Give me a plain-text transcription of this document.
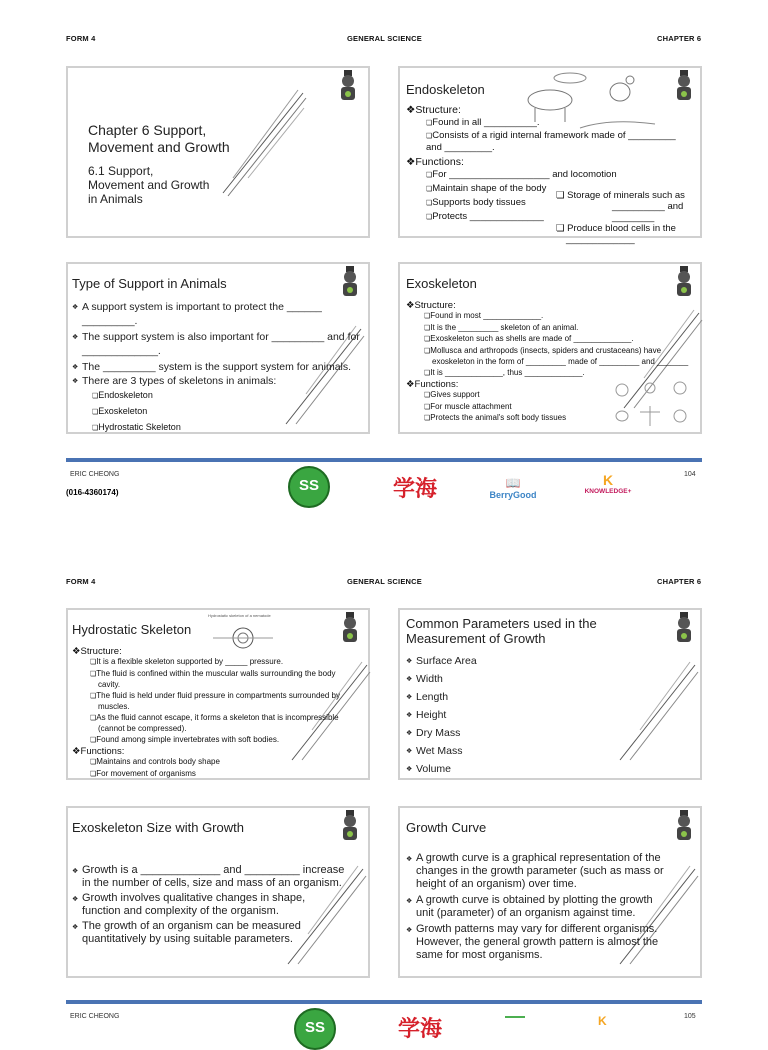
FORM 4	GENERAL SCIENCE	CHAPTER 6
Chapter 6 Support,
Movement and Growth
6.1 Support,
Movement and Growth
in Animals
Endoskeleton
❖Structure:
❏ Found in all __________.
❏ Consists of a rigid internal framework made of _________
and _________.
❖Functions:
❏ For ___________________ and locomotion
❏ Maintain shape of the body
❏ Supports body tissues
❏ Protects ______________
❏ Storage of minerals such as
__________ and ________
❏ Produce blood cells in the
_____________
Type of Support in Animals
❖ A support system is important to protect the ______
_________.
❖ The support system is also important for _________ and for
_____________.
❖ The _________ system is the support system for animals.
❖ There are 3 types of skeletons in animals:
❏ Endoskeleton
❏ Exoskeleton
❏ Hydrostatic Skeleton
Exoskeleton
❖Structure:
❏ Found in most _____________.
❏ It is the _________ skeleton of an animal.
❏ Exoskeleton such as shells are made of _____________.
❏ Mollusca and arthropods (insects, spiders and crustaceans) have
exoskeleton in the form of _________ made of _________ and _______
❏ It is _____________, thus _____________.
❖Functions:
❏ Gives support
❏ For muscle attachment
❏ Protects the animal's soft body tissues
ERIC CHEONG
(016-4360174)
104
SS	学海	📖
BerryGood
K
KNOWLEDGE+
FORM 4	GENERAL SCIENCE	CHAPTER 6
Hydrostatic Skeleton
Hydrostatic skeleton of a nematode
❖Structure:
❏ It is a flexible skeleton supported by _____ pressure.
❏ The fluid is confined within the muscular walls surrounding the body
cavity.
❏ The fluid is held under fluid pressure in compartments surrounded by
muscles.
❏ As the fluid cannot escape, it forms a skeleton that is incompressible
(cannot be compressed).
❏ Found among simple invertebrates with soft bodies.
❖Functions:
❏ Maintains and controls body shape
❏ For movement of organisms
Common Parameters used in the
Measurement of Growth
❖ Surface Area
❖ Width
❖ Length
❖ Height
❖ Dry Mass
❖ Wet Mass
❖ Volume
Exoskeleton Size with Growth
❖ Growth is a _____________ and _________ increase
in the number of cells, size and mass of an organism.
❖ Growth involves qualitative changes in shape,
function and complexity of the organism.
❖ The growth of an organism can be measured
quantitatively by using suitable parameters.
Growth Curve
❖ A growth curve is a graphical representation of the
changes in the growth parameter (such as mass or
height of an organism) over time.
❖ A growth curve is obtained by plotting the growth
unit (parameter) of an organism against time.
❖ Growth patterns may vary for different organisms.
However, the general growth pattern is almost the
same for most organisms.
ERIC CHEONG	105
SS	学海	K
